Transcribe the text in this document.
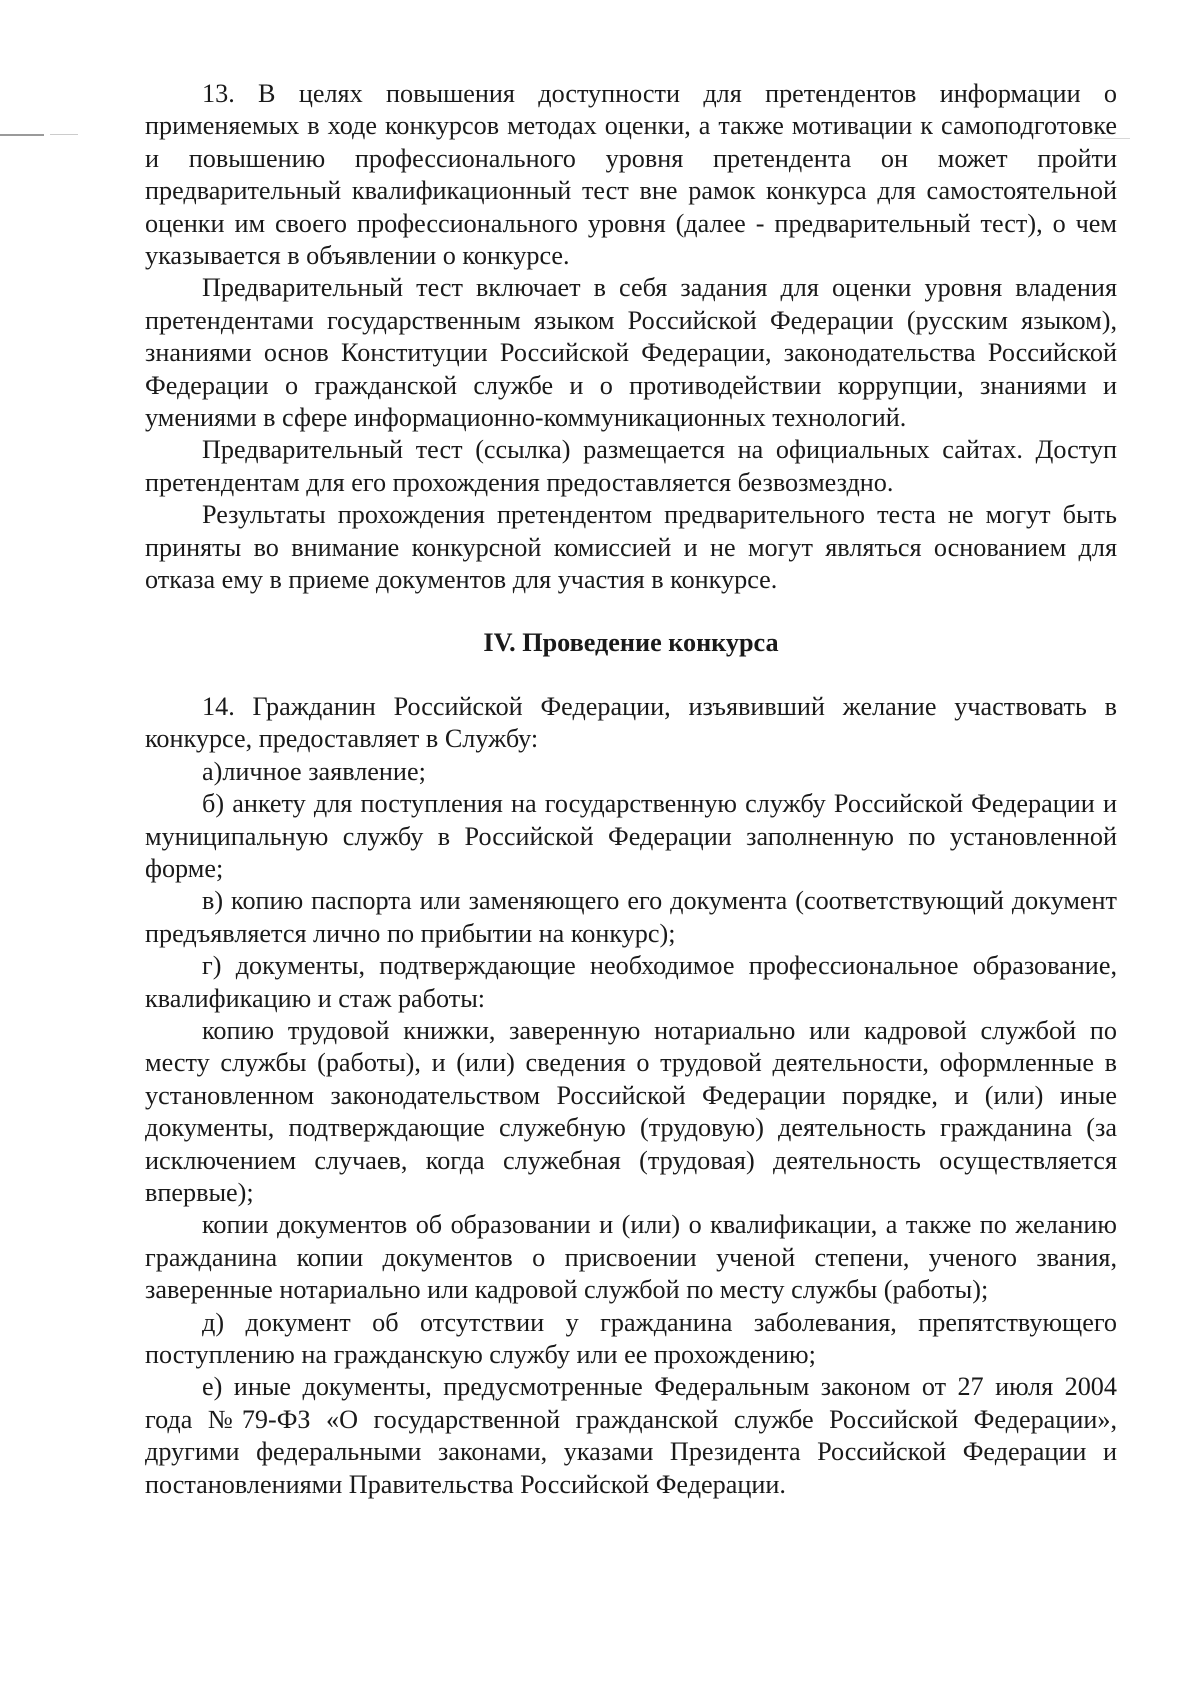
13. В целях повышения доступности для претендентов информации о применяемых в ходе конкурсов методах оценки, а также мотивации к самоподготовке и повышению профессионального уровня претендента он может пройти предварительный квалификационный тест вне рамок конкурса для самостоятельной оценки им своего профессионального уровня (далее - предварительный тест), о чем указывается в объявлении о конкурсе.

Предварительный тест включает в себя задания для оценки уровня владения претендентами государственным языком Российской Федерации (русским языком), знаниями основ Конституции Российской Федерации, законодательства Российской Федерации о гражданской службе и о противодействии коррупции, знаниями и умениями в сфере информационно-коммуникационных технологий.

Предварительный тест (ссылка) размещается на официальных сайтах. Доступ претендентам для его прохождения предоставляется безвозмездно.

Результаты прохождения претендентом предварительного теста не могут быть приняты во внимание конкурсной комиссией и не могут являться основанием для отказа ему в приеме документов для участия в конкурсе.

IV. Проведение конкурса

14. Гражданин Российской Федерации, изъявивший желание участвовать в конкурсе, предоставляет в Службу:

а)личное заявление;

б) анкету для поступления на государственную службу Российской Федерации и муниципальную службу в Российской Федерации заполненную по установленной форме;

в) копию паспорта или заменяющего его документа (соответствующий документ предъявляется лично по прибытии на конкурс);

г) документы, подтверждающие необходимое профессиональное образование, квалификацию и стаж работы:

копию трудовой книжки, заверенную нотариально или кадровой службой по месту службы (работы), и (или) сведения о трудовой деятельности, оформленные в установленном законодательством Российской Федерации порядке, и (или) иные документы, подтверждающие служебную (трудовую) деятельность гражданина (за исключением случаев, когда служебная (трудовая) деятельность осуществляется впервые);

копии документов об образовании и (или) о квалификации, а также по желанию гражданина копии документов о присвоении ученой степени, ученого звания, заверенные нотариально или кадровой службой по месту службы (работы);

д) документ об отсутствии у гражданина заболевания, препятствующего поступлению на гражданскую службу или ее прохождению;

е) иные документы, предусмотренные Федеральным законом от 27 июля 2004 года №79-ФЗ «О государственной гражданской службе Российской Федерации», другими федеральными законами, указами Президента Российской Федерации и постановлениями Правительства Российской Федерации.
